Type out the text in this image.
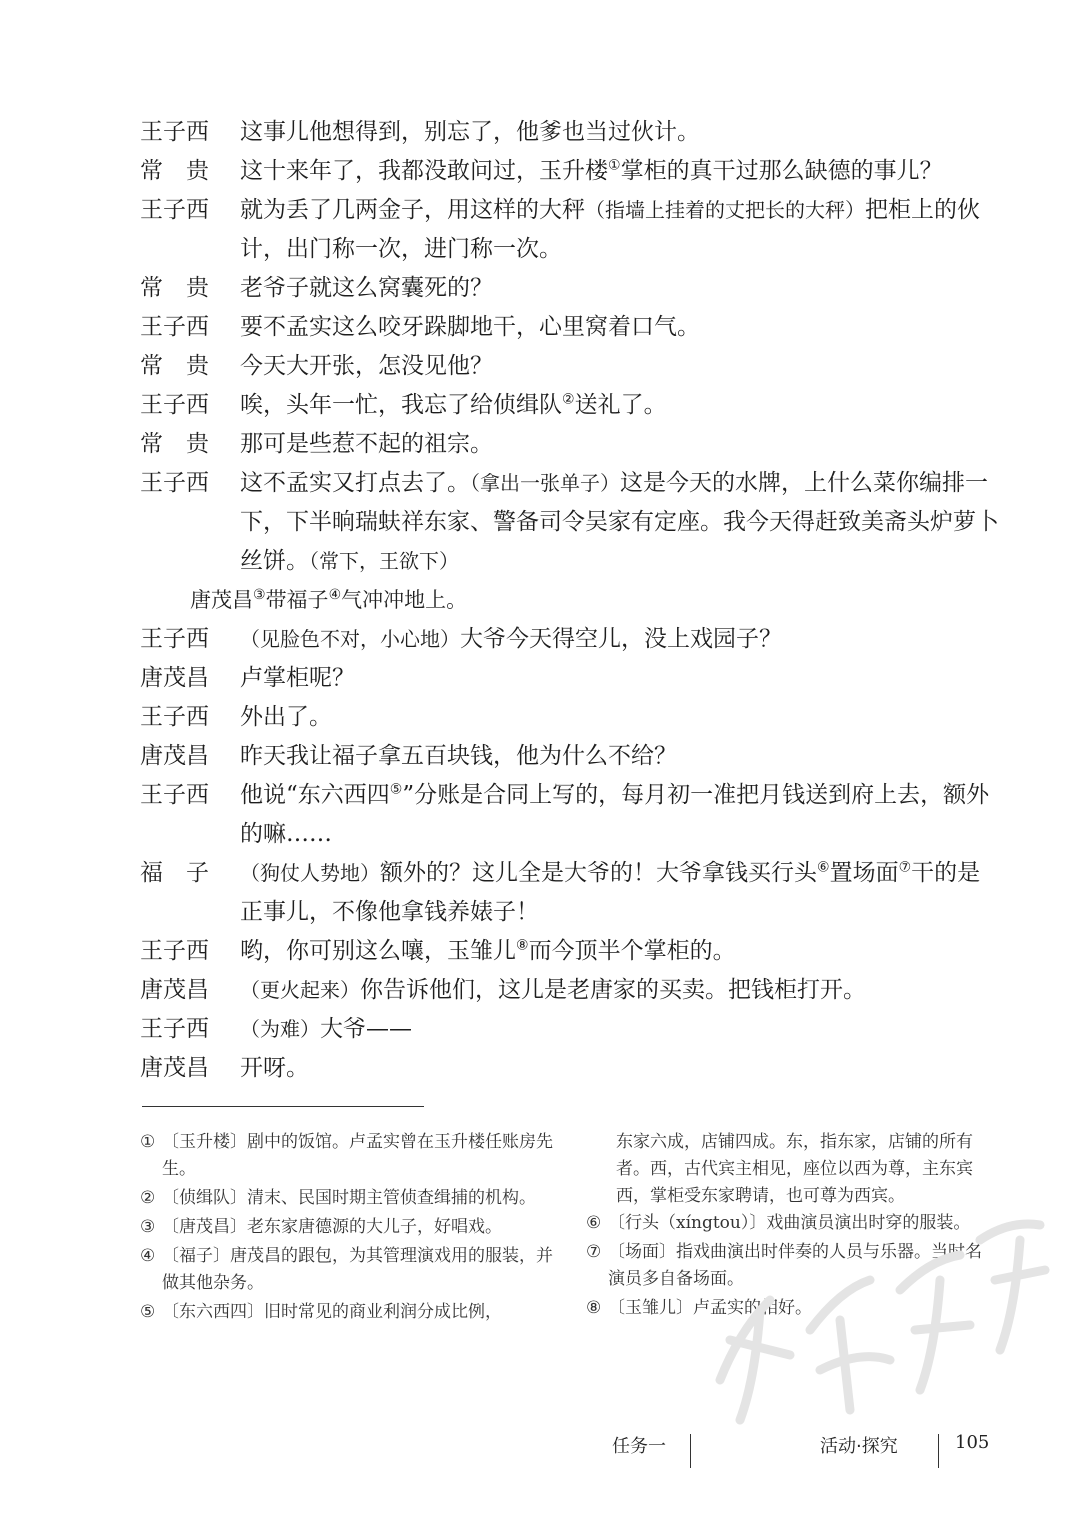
王子西	这事儿他想得到，别忘了，他爹也当过伙计。
常　贵	这十来年了，我都没敢问过，玉升楼①掌柜的真干过那么缺德的事儿？
王子西	就为丢了几两金子，用这样的大秤（指墙上挂着的丈把长的大秤）把柜上的伙计，出门称一次，进门称一次。
常　贵	老爷子就这么窝囊死的？
王子西	要不孟实这么咬牙跺脚地干，心里窝着口气。
常　贵	今天大开张，怎没见他？
王子西	唉，头年一忙，我忘了给侦缉队②送礼了。
常　贵	那可是些惹不起的祖宗。
王子西	这不孟实又打点去了。（拿出一张单子）这是今天的水牌，上什么菜你编排一下，下半晌瑞蚨祥东家、警备司令吴家有定座。我今天得赶致美斋头炉萝卜丝饼。（常下，王欲下）
唐茂昌③带福子④气冲冲地上。
王子西	（见脸色不对，小心地）大爷今天得空儿，没上戏园子？
唐茂昌	卢掌柜呢？
王子西	外出了。
唐茂昌	昨天我让福子拿五百块钱，他为什么不给？
王子西	他说“东六西四⑤”分账是合同上写的，每月初一准把月钱送到府上去，额外的嘛……
福　子	（狗仗人势地）额外的？这儿全是大爷的！大爷拿钱买行头⑥置场面⑦干的是正事儿，不像他拿钱养婊子！
王子西	哟，你可别这么嚷，玉雏儿⑧而今顶半个掌柜的。
唐茂昌	（更火起来）你告诉他们，这儿是老唐家的买卖。把钱柜打开。
王子西	（为难）大爷——
唐茂昌	开呀。
① 〔玉升楼〕剧中的饭馆。卢孟实曾在玉升楼任账房先生。
② 〔侦缉队〕清末、民国时期主管侦查缉捕的机构。
③ 〔唐茂昌〕老东家唐德源的大儿子，好唱戏。
④ 〔福子〕唐茂昌的跟包，为其管理演戏用的服装，并做其他杂务。
⑤ 〔东六西四〕旧时常见的商业利润分成比例，
东家六成，店铺四成。东，指东家，店铺的所有者。西，古代宾主相见，座位以西为尊，主东宾西，掌柜受东家聘请，也可尊为西宾。
⑥ 〔行头（xíngtou）〕戏曲演员演出时穿的服装。
⑦ 〔场面〕指戏曲演出时伴奏的人员与乐器。当时名演员多自备场面。
⑧ 〔玉雏儿〕卢孟实的相好。
任务一	活动·探究	105
